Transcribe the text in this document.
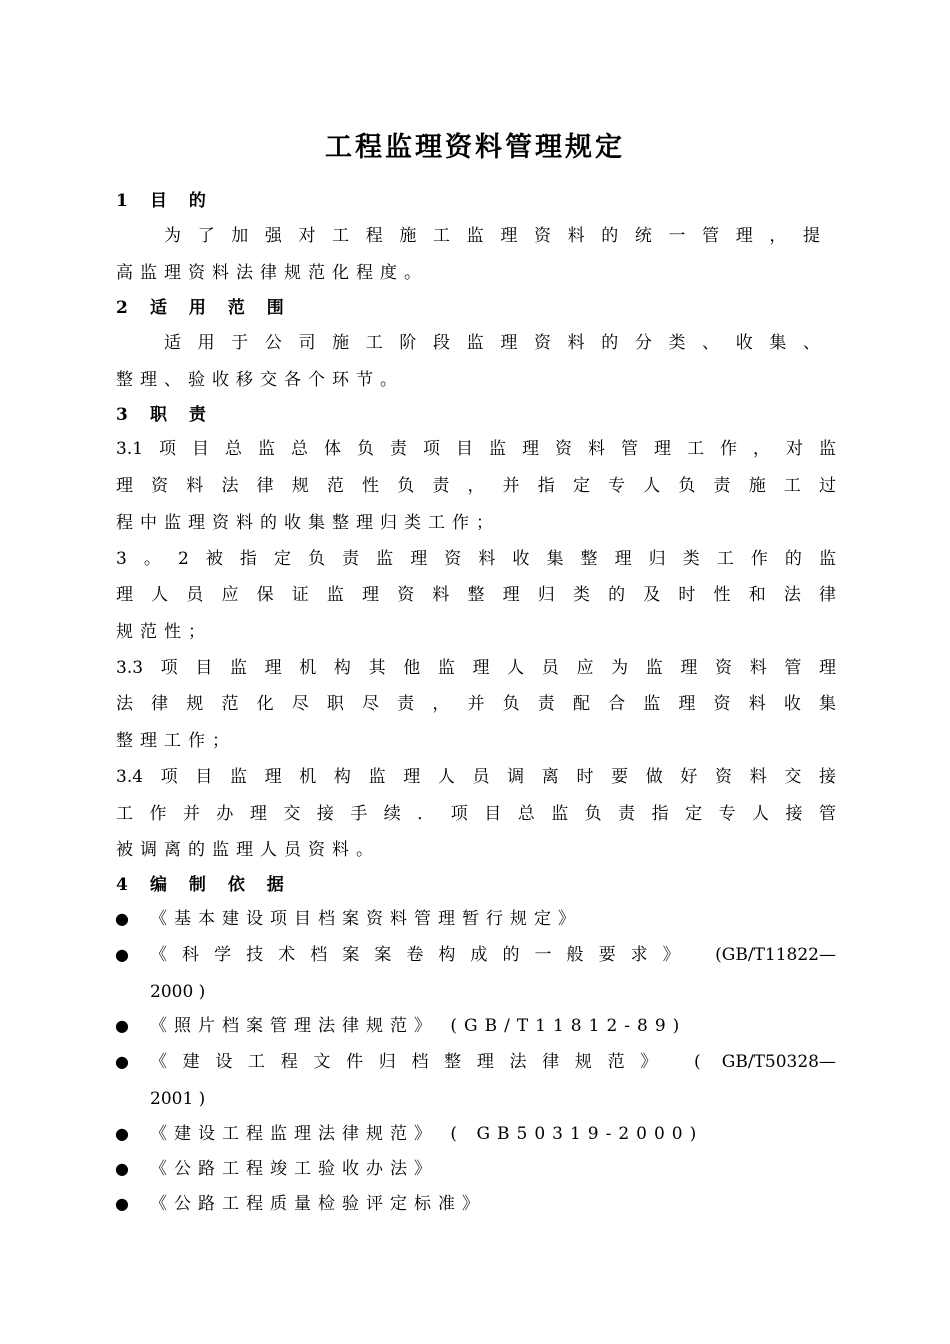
工程监理资料管理规定
1 目 的
为了加强对工程施工监理资料的统一管理，提
高监理资料法律规范化程度。
2 适 用 范 围
适用于公司施工阶段监理资料的分类、收集、
整理、验收移交各个环节。
3 职 责
3.1项目总监总体负责项目监理资料管理工作，对监
理资料法律规范性负责，并指定专人负责施工过
程中监理资料的收集整理归类工作；
3。2被指定负责监理资料收集整理归类工作的监
理人员应保证监理资料整理归类的及时性和法律
规范性；
3.3项目监理机构其他监理人员应为监理资料管理
法律规范化尽职尽责，并负责配合监理资料收集
整理工作；
3.4项目监理机构监理人员调离时要做好资料交接
工作并办理交接手续．项目总监负责指定专人接管
被调离的监理人员资料。
4 编 制 依 据
● 《基本建设项目档案资料管理暂行规定》
● 《科学技术档案案卷构成的一般要求》 (GB/T11822—
2000 )
● 《照片档案管理法律规范》 (GB/T11812-89)
● 《建设工程文件归档整理法律规范》 ( GB/T50328—
2001 )
● 《建设工程监理法律规范》 ( GB50319-2000)
● 《公路工程竣工验收办法》
● 《公路工程质量检验评定标准》
